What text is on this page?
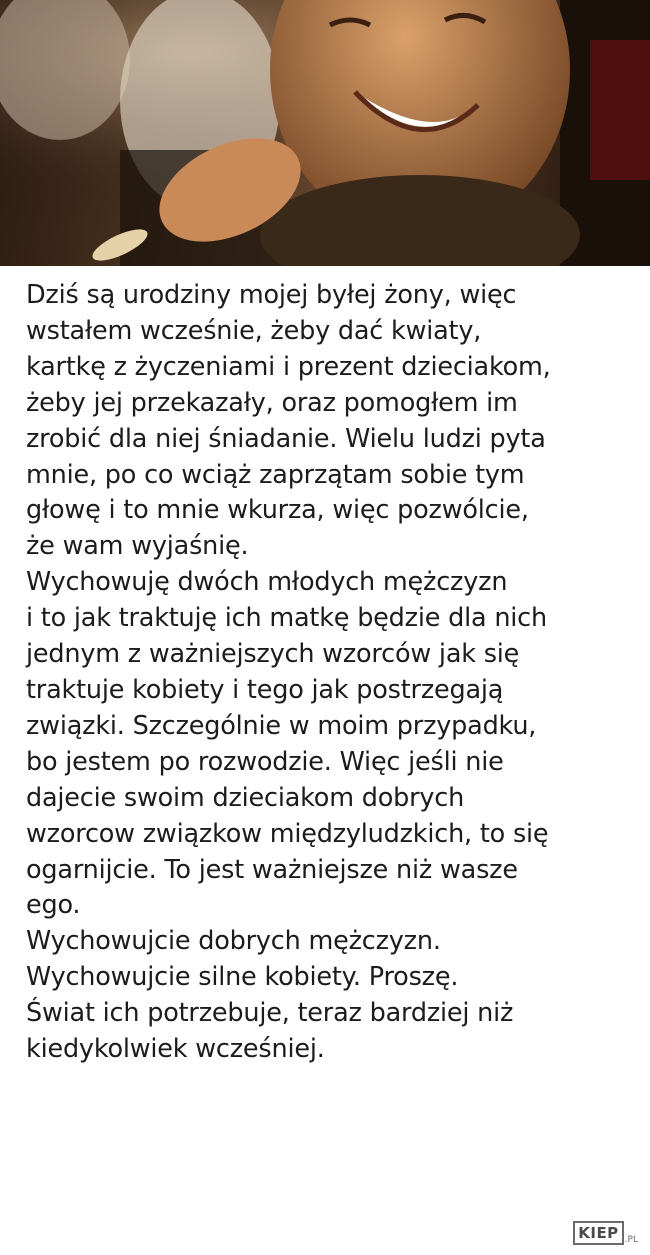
Dziś są urodziny mojej byłej żony, więc
wstałem wcześnie, żeby dać kwiaty,
kartkę z życzeniami i prezent dzieciakom,
żeby jej przekazały, oraz pomogłem im
zrobić dla niej śniadanie. Wielu ludzi pyta
mnie, po co wciąż zaprzątam sobie tym
głowę i to mnie wkurza, więc pozwólcie,
że wam wyjaśnię.
Wychowuję dwóch młodych mężczyzn
i to jak traktuję ich matkę będzie dla nich
jednym z ważniejszych wzorców jak się
traktuje kobiety i tego jak postrzegają
związki. Szczególnie w moim przypadku,
bo jestem po rozwodzie. Więc jeśli nie
dajecie swoim dzieciakom dobrych
wzorcow związkow międzyludzkich, to się
ogarnijcie. To jest ważniejsze niż wasze
ego.
Wychowujcie dobrych mężczyzn.
Wychowujcie silne kobiety. Proszę.
Świat ich potrzebuje, teraz bardziej niż
kiedykolwiek wcześniej.
KIEP .PL
